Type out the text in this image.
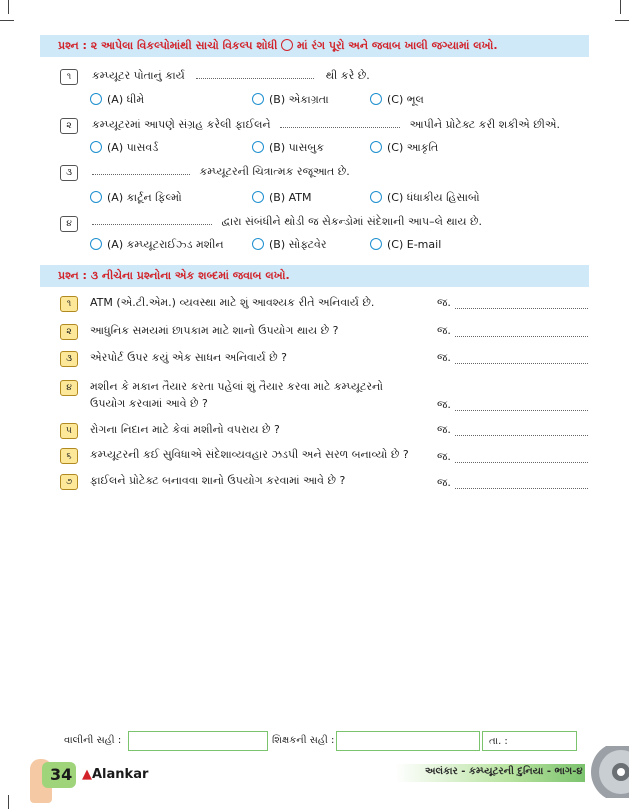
પ્રશ્ન : ૨ આપેલા વિકલ્પોમાંથી સાચો વિકલ્પ શોધી માં રંગ પૂરો અને જવાબ ખાલી જગ્યામાં લખો.
૧	કમ્પ્યૂટર પોતાનું કાર્ય	થી કરે છે.
(A) ધીમે	(B) એકાગ્રતા	(C) ભૂલ
૨	કમ્પ્યૂટરમાં આપણે સંગ્રહ કરેલી ફાઈલને	આપીને પ્રોટેક્ટ કરી શકીએ છીએ.
(A) પાસવર્ડ	(B) પાસબુક	(C) આકૃતિ
૩	કમ્પ્યૂટરની ચિત્રાત્મક રજૂઆત છે.
(A) કાર્ટૂન ફિલ્મો	(B) ATM	(C) ધંધાકીય હિસાબો
૪	દ્વારા સંબંધીને થોડી જ સેકન્ડોમાં સંદેશાની આપ–લે થાય છે.
(A) કમ્પ્યૂટરાઈઝ્ડ મશીન	(B) સોફ્ટવેર	(C) E-mail
પ્રશ્ન : ૩ નીચેના પ્રશ્નોના એક શબ્દમાં જવાબ લખો.
૧	ATM (એ.ટી.એમ.) વ્યવસ્થા માટે શું આવશ્યક રીતે અનિવાર્ય છે.	જ.
૨	આધુનિક સમયમાં છાપકામ માટે શાનો ઉપયોગ થાય છે ?	જ.
૩	એરપોર્ટ ઉપર કયું એક સાધન અનિવાર્ય છે ?	જ.
૪	મશીન કે મકાન તૈયાર કરતા પહેલાં શું તૈયાર કરવા માટે કમ્પ્યૂટરનો
ઉપયોગ કરવામાં આવે છે ?	જ.
૫	રોગના નિદાન માટે કેવાં મશીનો વપરાય છે ?	જ.
૬	કમ્પ્યૂટરની કઈ સુવિધાએ સંદેશાવ્યવહાર ઝડપી અને સરળ બનાવ્યો છે ?	જ.
૭	ફાઈલને પ્રોટેક્ટ બનાવવા શાનો ઉપયોગ કરવામાં આવે છે ?	જ.
વાલીની સહી :	શિક્ષકની સહી :	તા. :
34 ▲Alankar	અલંકાર - કમ્પ્યૂટરની દુનિયા - ભાગ-૪
